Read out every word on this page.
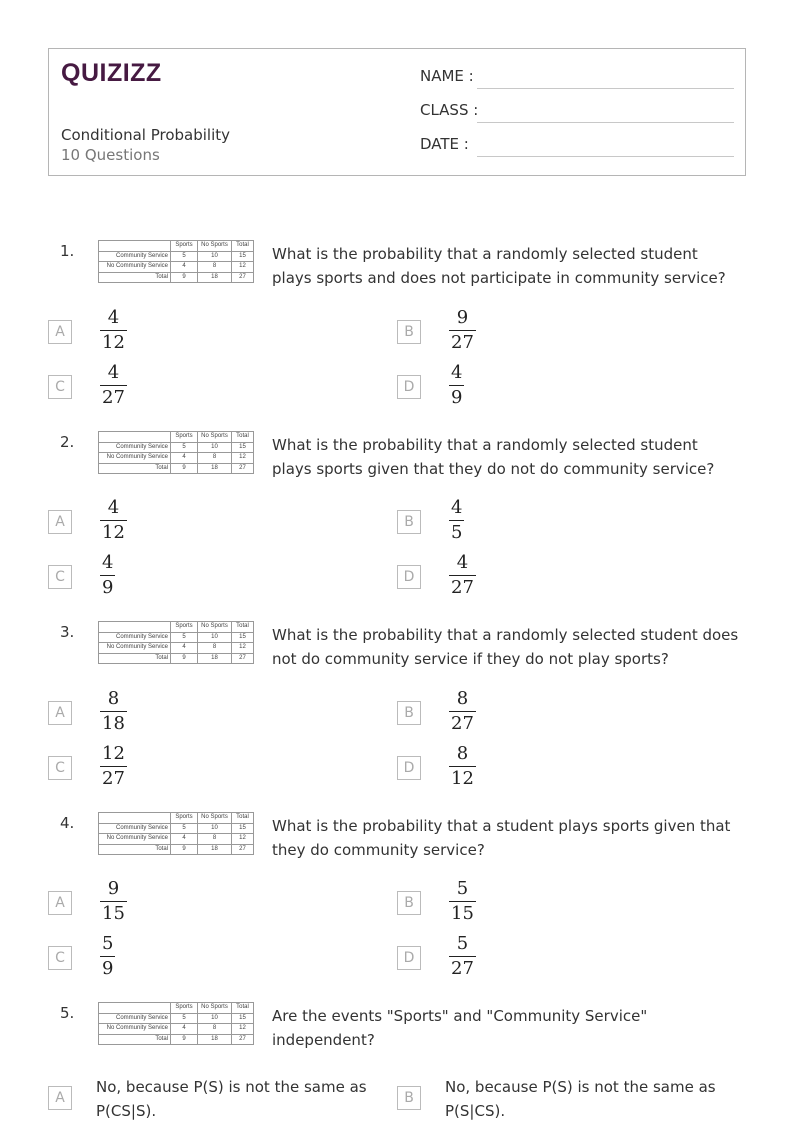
QUIZIZZ
Conditional Probability
10 Questions
NAME :
CLASS :
DATE :
1.
		Sports	No Sports	Total
Community Service	5	10	15
No Community Service	4	8	12
Total	9	18	27
What is the probability that a randomly selected student plays sports and does not participate in community service?
A
4
12	B
9
27
C
4
27	D
4
9
2.
		Sports	No Sports	Total
Community Service	5	10	15
No Community Service	4	8	12
Total	9	18	27
What is the probability that a randomly selected student plays sports given that they do not do community service?
A
4
12	B
4
5
C
4
9	D
4
27
3.
		Sports	No Sports	Total
Community Service	5	10	15
No Community Service	4	8	12
Total	9	18	27
What is the probability that a randomly selected student does not do community service if they do not play sports?
A
8
18	B
8
27
C
12
27	D
8
12
4.
		Sports	No Sports	Total
Community Service	5	10	15
No Community Service	4	8	12
Total	9	18	27
What is the probability that a student plays sports given that they do community service?
A
9
15	B
5
15
C
5
9	D
5
27
5.
		Sports	No Sports	Total
Community Service	5	10	15
No Community Service	4	8	12
Total	9	18	27
Are the events "Sports" and "Community Service" independent?
A
No, because P(S) is not the same as P(CS|S).
B
No, because P(S) is not the same as P(S|CS).
